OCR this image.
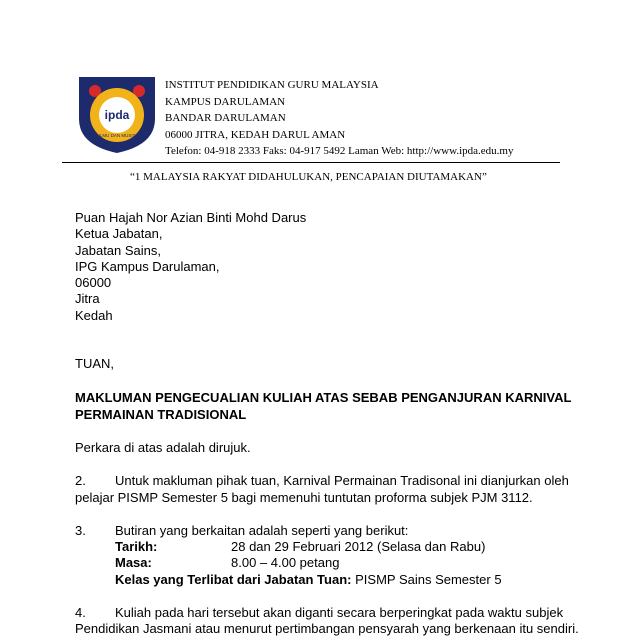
ipda
ILMU DAN MUSIT
INSTITUT PENDIDIKAN GURU MALAYSIA
KAMPUS DARULAMAN
BANDAR DARULAMAN
06000 JITRA, KEDAH DARUL AMAN
Telefon: 04-918 2333 Faks: 04-917 5492 Laman Web: http://www.ipda.edu.my
“1 MALAYSIA RAKYAT DIDAHULUKAN, PENCAPAIAN DIUTAMAKAN”
Puan Hajah Nor Azian Binti Mohd Darus
Ketua Jabatan,
Jabatan Sains,
IPG Kampus Darulaman,
06000
Jitra
Kedah
TUAN,
MAKLUMAN PENGECUALIAN KULIAH ATAS SEBAB PENGANJURAN KARNIVAL
PERMAINAN TRADISIONAL
Perkara di atas adalah dirujuk.
2. Untuk makluman pihak tuan, Karnival Permainan Tradisonal ini dianjurkan oleh
pelajar PISMP Semester 5 bagi memenuhi tuntutan proforma subjek PJM 3112.
3. Butiran yang berkaitan adalah seperti yang berikut:
Tarikh:	28 dan 29 Februari 2012 (Selasa dan Rabu)
Masa:	8.00 – 4.00 petang
Kelas yang Terlibat dari Jabatan Tuan: PISMP Sains Semester 5
4. Kuliah pada hari tersebut akan diganti secara berperingkat pada waktu subjek
Pendidikan Jasmani atau menurut pertimbangan pensyarah yang berkenaan itu sendiri.
